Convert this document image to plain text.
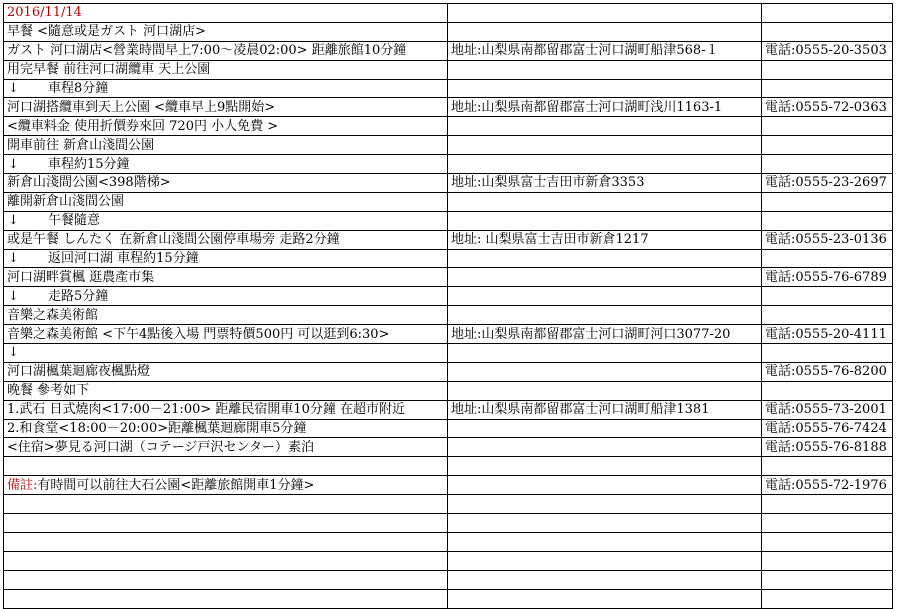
2016/11/14		
早餐 <隨意或是ガスト 河口湖店>		
ガスト 河口湖店<營業時間早上7:00～凌晨02:00> 距離旅館10分鐘	地址:山梨県南都留郡富士河口湖町船津568-１	電話:0555-20-3503
用完早餐 前往河口湖纜車 天上公園		
↓ 車程8分鐘		
河口湖搭纜車到天上公園 <纜車早上9點開始>	地址:山梨県南都留郡富士河口湖町浅川1163-1	電話:0555-72-0363
<纜車料金 使用折價券來回 720円 小人免費 >		
開車前往 新倉山淺間公園		
↓ 車程約15分鐘		
新倉山淺間公園<398階梯>	地址:山梨県富士吉田市新倉3353	電話:0555-23-2697
離開新倉山淺間公園		
↓ 午餐隨意		
或是午餐 しんたく 在新倉山淺間公園停車場旁 走路2分鐘	地址: 山梨県富士吉田市新倉1217	電話:0555-23-0136
↓ 返回河口湖 車程約15分鐘		
河口湖畔賞楓 逛農產市集		電話:0555-76-6789
↓ 走路5分鐘		
音樂之森美術館		
音樂之森美術館 <下午4點後入場 門票特價500円 可以逛到6:30>	地址:山梨県南都留郡富士河口湖町河口3077-20	電話:0555-20-4111
↓		
河口湖楓葉迴廊夜楓點燈		電話:0555-76-8200
晚餐 參考如下		
1.武石 日式燒肉<17:00－21:00> 距離民宿開車10分鐘 在超市附近	地址:山梨県南都留郡富士河口湖町船津1381	電話:0555-73-2001
2.和食堂<18:00－20:00>距離楓葉迴廊開車5分鐘		電話:0555-76-7424
<住宿>夢見る河口湖（コテージ戸沢センター）素泊		電話:0555-76-8188

備註:有時間可以前往大石公園<距離旅館開車1分鐘>		電話:0555-72-1976
